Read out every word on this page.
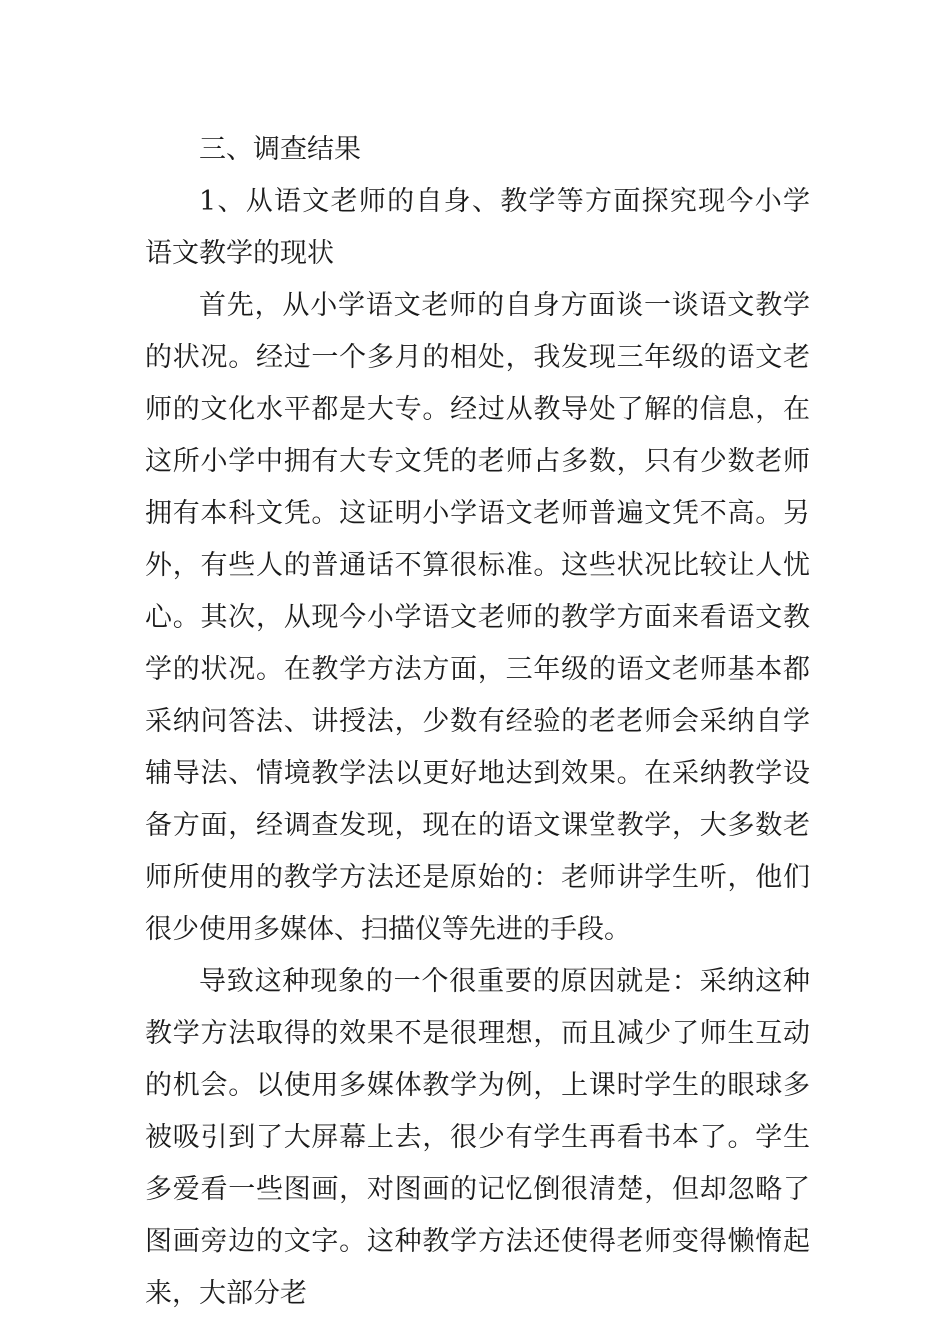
三、调查结果

1、从语文老师的自身、教学等方面探究现今小学语文教学的现状

首先，从小学语文老师的自身方面谈一谈语文教学的状况。经过一个多月的相处，我发现三年级的语文老师的文化水平都是大专。经过从教导处了解的信息，在这所小学中拥有大专文凭的老师占多数，只有少数老师拥有本科文凭。这证明小学语文老师普遍文凭不高。另外，有些人的普通话不算很标准。这些状况比较让人忧心。其次，从现今小学语文老师的教学方面来看语文教学的状况。在教学方法方面，三年级的语文老师基本都采纳问答法、讲授法，少数有经验的老老师会采纳自学辅导法、情境教学法以更好地达到效果。在采纳教学设备方面，经调查发现，现在的语文课堂教学，大多数老师所使用的教学方法还是原始的：老师讲学生听，他们很少使用多媒体、扫描仪等先进的手段。

导致这种现象的一个很重要的原因就是：采纳这种教学方法取得的效果不是很理想，而且减少了师生互动的机会。以使用多媒体教学为例，上课时学生的眼球多被吸引到了大屏幕上去，很少有学生再看书本了。学生多爱看一些图画，对图画的记忆倒很清楚，但却忽略了图画旁边的文字。这种教学方法还使得老师变得懒惰起来，大部分老
